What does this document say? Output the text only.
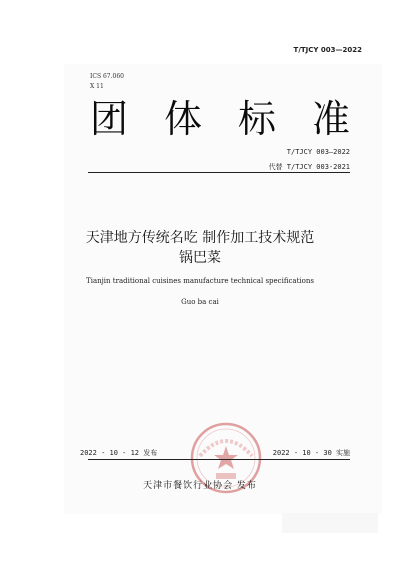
T/TJCY 003—2022
ICS 67.060
X 11
团 体 标 准
T/TJCY 003—2022
代替 T/TJCY 003-2021
天津地方传统名吃 制作加工技术规范
锅巴菜
Tianjin traditional cuisines manufacture technical specifications
Guo ba cai
2022 - 10 - 12 发布	2022 - 10 - 30 实施
天津市餐饮行业协会 发布
